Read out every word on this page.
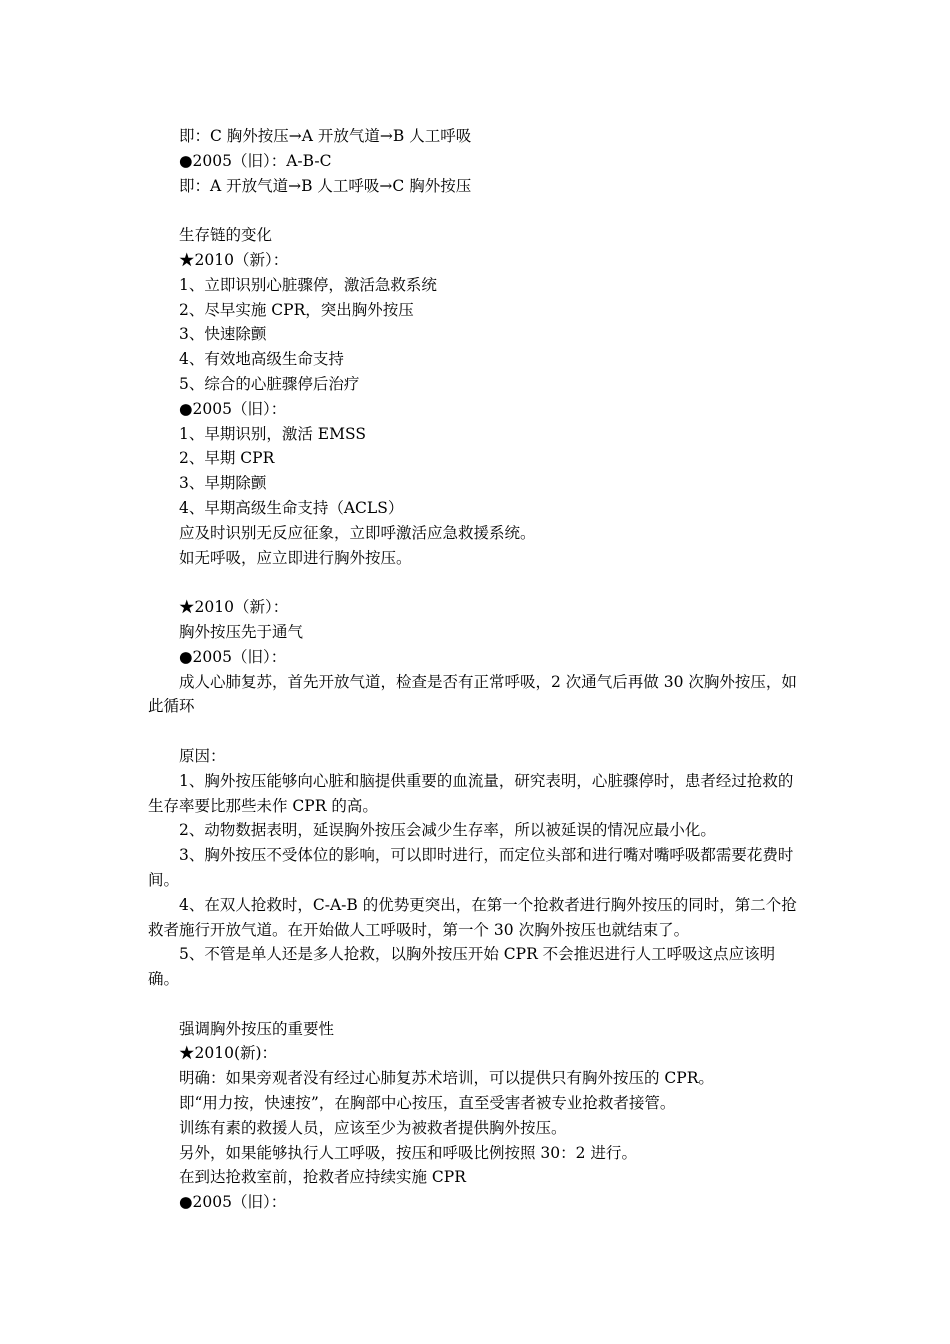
即：C 胸外按压→A 开放气道→B 人工呼吸

●2005（旧）：A-B-C

即：A 开放气道→B 人工呼吸→C 胸外按压

生存链的变化

★2010（新）：

1、立即识别心脏骤停，激活急救系统

2、尽早实施 CPR，突出胸外按压

3、快速除颤

4、有效地高级生命支持

5、综合的心脏骤停后治疗

●2005（旧）：

1、早期识别，激活 EMSS

2、早期 CPR

3、早期除颤

4、早期高级生命支持（ACLS）

应及时识别无反应征象，立即呼激活应急救援系统。

如无呼吸，应立即进行胸外按压。

★2010（新）：

胸外按压先于通气

●2005（旧）：

成人心肺复苏，首先开放气道，检查是否有正常呼吸，2 次通气后再做 30 次胸外按压，如此循环

原因：

1、胸外按压能够向心脏和脑提供重要的血流量，研究表明，心脏骤停时，患者经过抢救的生存率要比那些未作 CPR 的高。

2、动物数据表明，延误胸外按压会减少生存率，所以被延误的情况应最小化。

3、胸外按压不受体位的影响，可以即时进行，而定位头部和进行嘴对嘴呼吸都需要花费时间。

4、在双人抢救时，C-A-B 的优势更突出，在第一个抢救者进行胸外按压的同时，第二个抢救者施行开放气道。在开始做人工呼吸时，第一个 30 次胸外按压也就结束了。

5、不管是单人还是多人抢救，以胸外按压开始 CPR 不会推迟进行人工呼吸这点应该明确。

强调胸外按压的重要性

★2010(新)：

明确：如果旁观者没有经过心肺复苏术培训，可以提供只有胸外按压的 CPR。

即“用力按，快速按”，在胸部中心按压，直至受害者被专业抢救者接管。

训练有素的救援人员，应该至少为被救者提供胸外按压。

另外，如果能够执行人工呼吸，按压和呼吸比例按照 30：2 进行。

在到达抢救室前，抢救者应持续实施 CPR

●2005（旧）：
